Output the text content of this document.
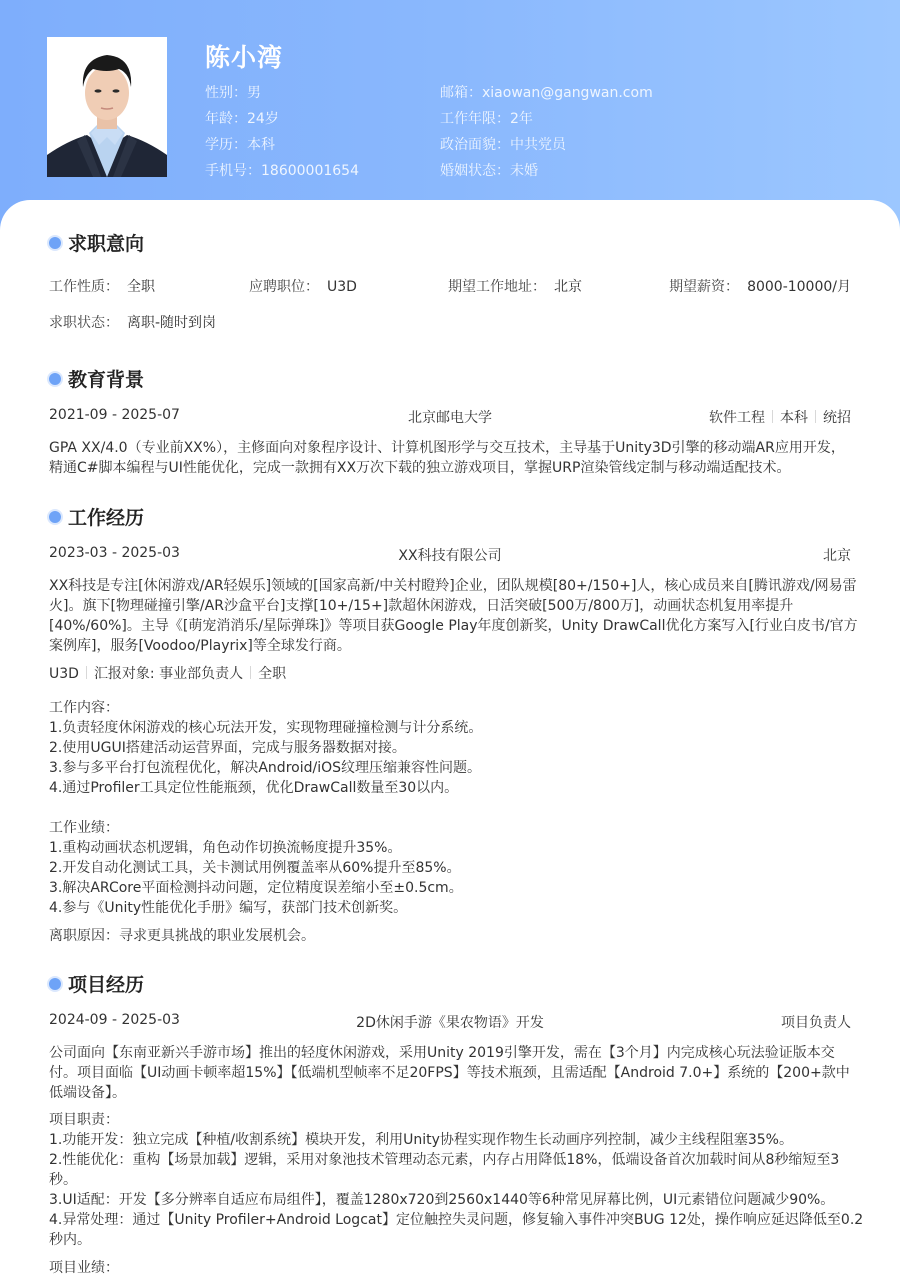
陈小湾
性别：男
年龄：24岁
学历：本科
手机号：18600001654
邮箱：xiaowan@gangwan.com
工作年限：2年
政治面貌：中共党员
婚姻状态：未婚
求职意向
工作性质： 全职	应聘职位： U3D	期望工作地址： 北京	期望薪资： 8000-10000/月
求职状态： 离职-随时到岗
教育背景
2021-09 - 2025-07	北京邮电大学	软件工程 本科 统招
GPA XX/4.0（专业前XX%），主修面向对象程序设计、计算机图形学与交互技术，主导基于Unity3D引擎的移动端AR应用开发，
精通C#脚本编程与UI性能优化，完成一款拥有XX万次下载的独立游戏项目，掌握URP渲染管线定制与移动端适配技术。
工作经历
2023-03 - 2025-03	XX科技有限公司	北京
XX科技是专注[休闲游戏/AR轻娱乐]领域的[国家高新/中关村瞪羚]企业，团队规模[80+/150+]人，核心成员来自[腾讯游戏/网易雷
火]。旗下[物理碰撞引擎/AR沙盒平台]支撑[10+/15+]款超休闲游戏，日活突破[500万/800万]，动画状态机复用率提升
[40%/60%]。主导《[萌宠消消乐/星际弹珠]》等项目获Google Play年度创新奖，Unity DrawCall优化方案写入[行业白皮书/官方
案例库]，服务[Voodoo/Playrix]等全球发行商。
U3D 汇报对象: 事业部负责人 全职
工作内容：
1.负责轻度休闲游戏的核心玩法开发，实现物理碰撞检测与计分系统。
2.使用UGUI搭建活动运营界面，完成与服务器数据对接。
3.参与多平台打包流程优化，解决Android/iOS纹理压缩兼容性问题。
4.通过Profiler工具定位性能瓶颈，优化DrawCall数量至30以内。
工作业绩：
1.重构动画状态机逻辑，角色动作切换流畅度提升35%。
2.开发自动化测试工具，关卡测试用例覆盖率从60%提升至85%。
3.解决ARCore平面检测抖动问题，定位精度误差缩小至±0.5cm。
4.参与《Unity性能优化手册》编写，获部门技术创新奖。
离职原因：寻求更具挑战的职业发展机会。
项目经历
2024-09 - 2025-03	2D休闲手游《果农物语》开发	项目负责人
公司面向【东南亚新兴手游市场】推出的轻度休闲游戏，采用Unity 2019引擎开发，需在【3个月】内完成核心玩法验证版本交
付。项目面临【UI动画卡顿率超15%】【低端机型帧率不足20FPS】等技术瓶颈，且需适配【Android 7.0+】系统的【200+款中
低端设备】。
项目职责：
1.功能开发：独立完成【种植/收割系统】模块开发，利用Unity协程实现作物生长动画序列控制，减少主线程阻塞35%。
2.性能优化：重构【场景加载】逻辑，采用对象池技术管理动态元素，内存占用降低18%，低端设备首次加载时间从8秒缩短至3
秒。
3.UI适配：开发【多分辨率自适应布局组件】，覆盖1280x720到2560x1440等6种常见屏幕比例，UI元素错位问题减少90%。
4.异常处理：通过【Unity Profiler+Android Logcat】定位触控失灵问题，修复输入事件冲突BUG 12处，操作响应延迟降低至0.2
秒内。
项目业绩：
